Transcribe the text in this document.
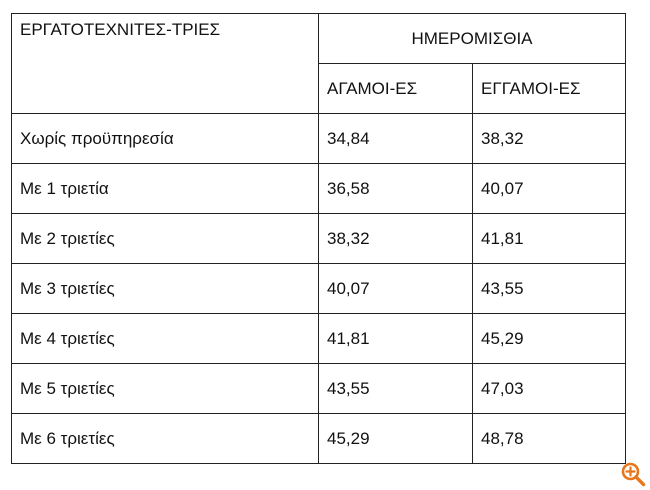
ΕΡΓΑΤΟΤΕΧΝΙΤΕΣ-ΤΡΙΕΣ	ΗΜΕΡΟΜΙΣΘΙΑ	
	ΑΓΑΜΟΙ-ΕΣ	ΕΓΓΑΜΟΙ-ΕΣ
Χωρίς προϋπηρεσία	34,84	38,32
Με 1 τριετία	36,58	40,07
Με 2 τριετίες	38,32	41,81
Με 3 τριετίες	40,07	43,55
Με 4 τριετίες	41,81	45,29
Με 5 τριετίες	43,55	47,03
Με 6 τριετίες	45,29	48,78
